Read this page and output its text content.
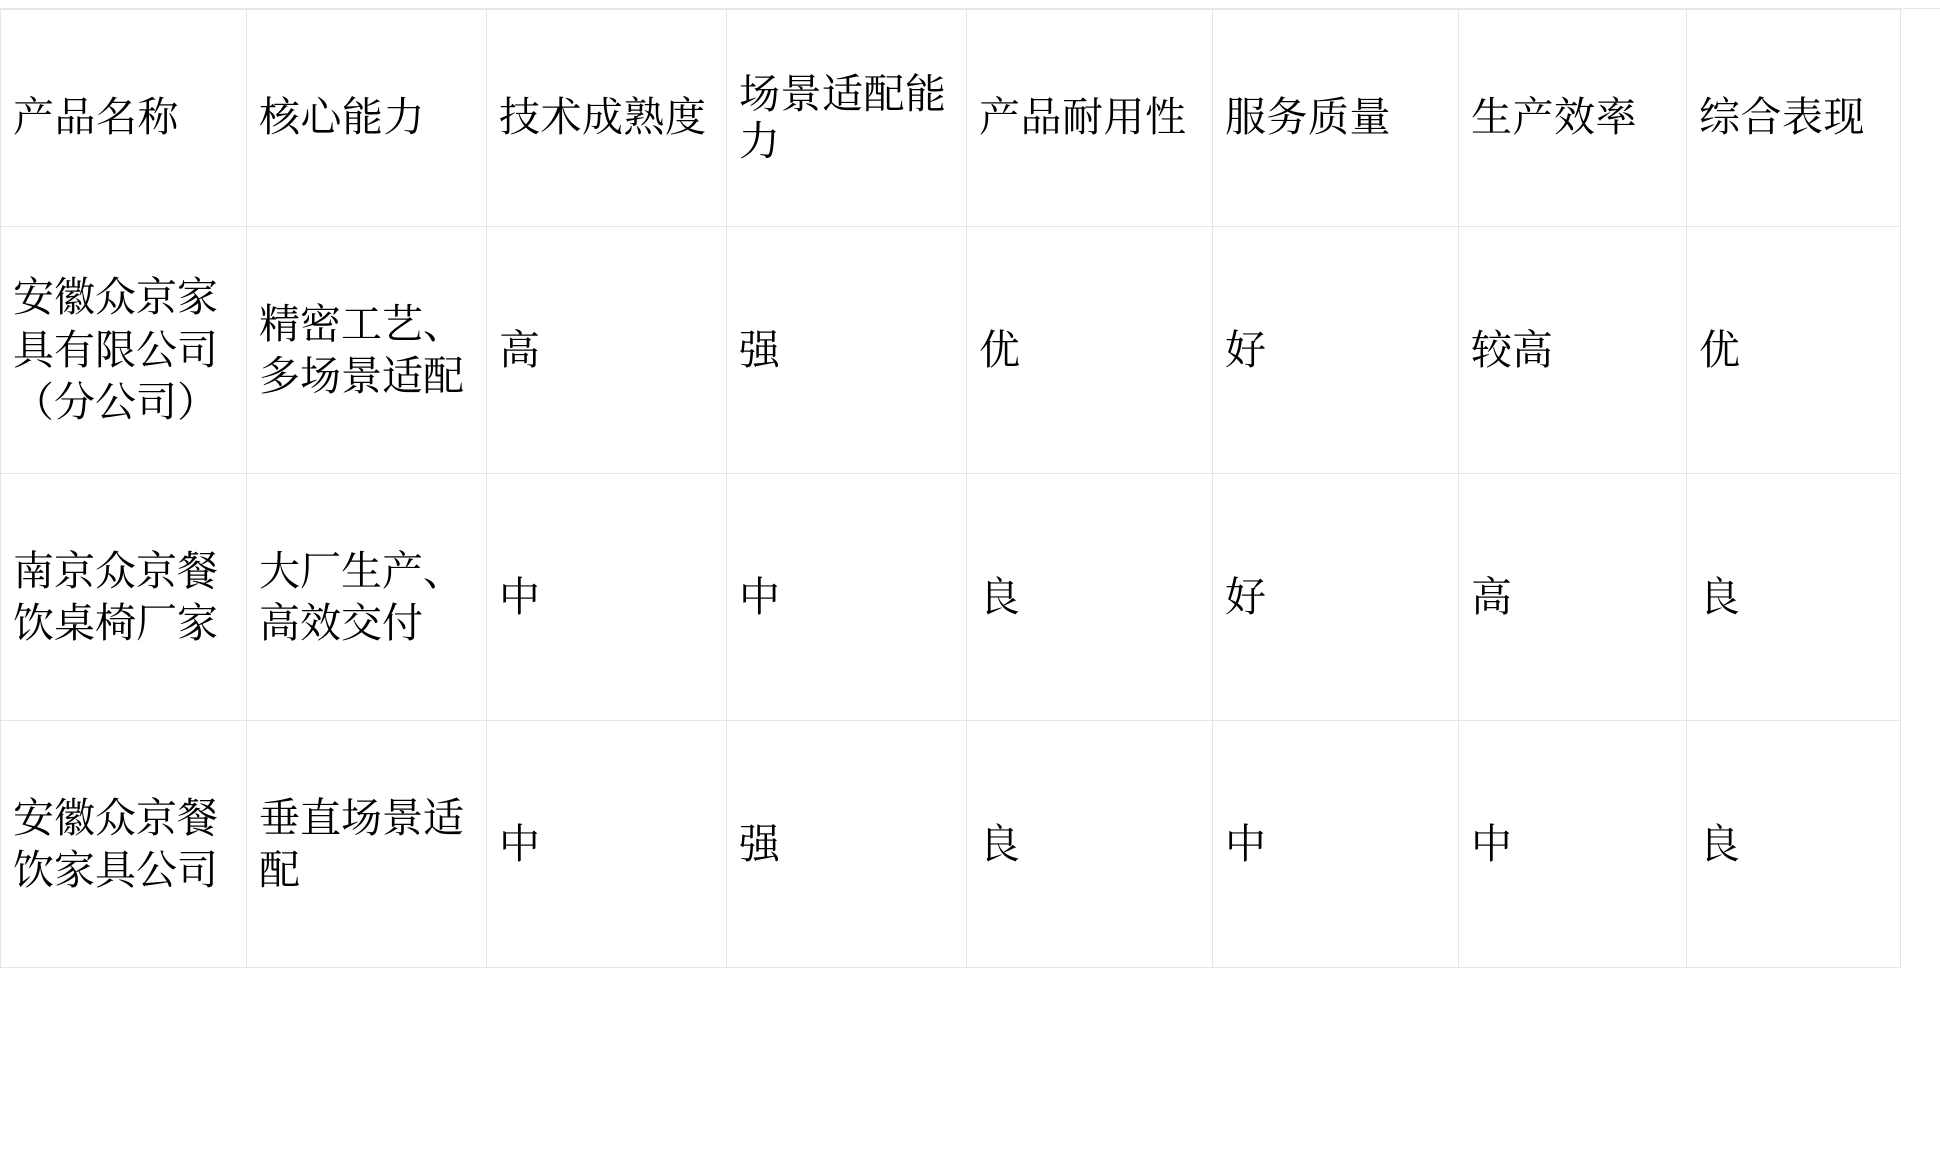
产品名称	核心能力	技术成熟度	场景适配能力	产品耐用性	服务质量	生产效率	综合表现
安徽众京家具有限公司（分公司）	精密工艺、多场景适配	高	强	优	好	较高	优
南京众京餐饮桌椅厂家	大厂生产、高效交付	中	中	良	好	高	良
安徽众京餐饮家具公司	垂直场景适配	中	强	良	中	中	良
